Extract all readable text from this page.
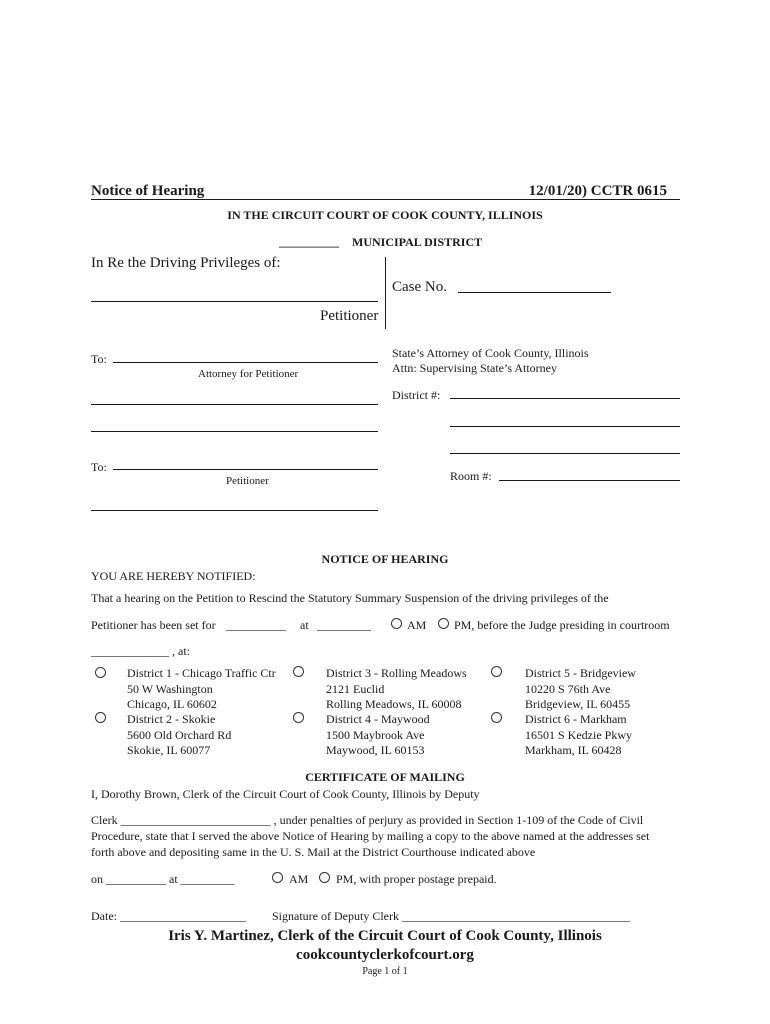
Notice of Hearing	12/01/20) CCTR 0615
IN THE CIRCUIT COURT OF COOK COUNTY, ILLINOIS
__________ MUNICIPAL DISTRICT
In Re the Driving Privileges of:
Petitioner
Case No.
To:
Attorney for Petitioner
To:
Petitioner
State’s Attorney of Cook County, Illinois
Attn: Supervising State’s Attorney
District #:
Room #:
NOTICE OF HEARING
YOU ARE HEREBY NOTIFIED:
That a hearing on the Petition to Rescind the Statutory Summary Suspension of the driving privileges of the
Petitioner has been set for __________ at _________	AM PM, before the Judge presiding in courtroom
_____________ , at:
District 1 - Chicago Traffic Ctr
50 W Washington
Chicago, IL 60602
District 2 - Skokie
5600 Old Orchard Rd
Skokie, IL 60077
District 3 - Rolling Meadows
2121 Euclid
Rolling Meadows, IL 60008
District 4 - Maywood
1500 Maybrook Ave
Maywood, IL 60153
District 5 - Bridgeview
10220 S 76th Ave
Bridgeview, IL 60455
District 6 - Markham
16501 S Kedzie Pkwy
Markham, IL 60428
CERTIFICATE OF MAILING
I, Dorothy Brown, Clerk of the Circuit Court of Cook County, Illinois by Deputy
Clerk _________________________ , under penalties of perjury as provided in Section 1-109 of the Code of Civil
Procedure, state that I served the above Notice of Hearing by mailing a copy to the above named at the addresses set
forth above and depositing same in the U. S. Mail at the District Courthouse indicated above
on __________ at _________	AM PM, with proper postage prepaid.
Date: _____________________ Signature of Deputy Clerk ______________________________________
Iris Y. Martinez, Clerk of the Circuit Court of Cook County, Illinois
cookcountyclerkofcourt.org
Page 1 of 1
